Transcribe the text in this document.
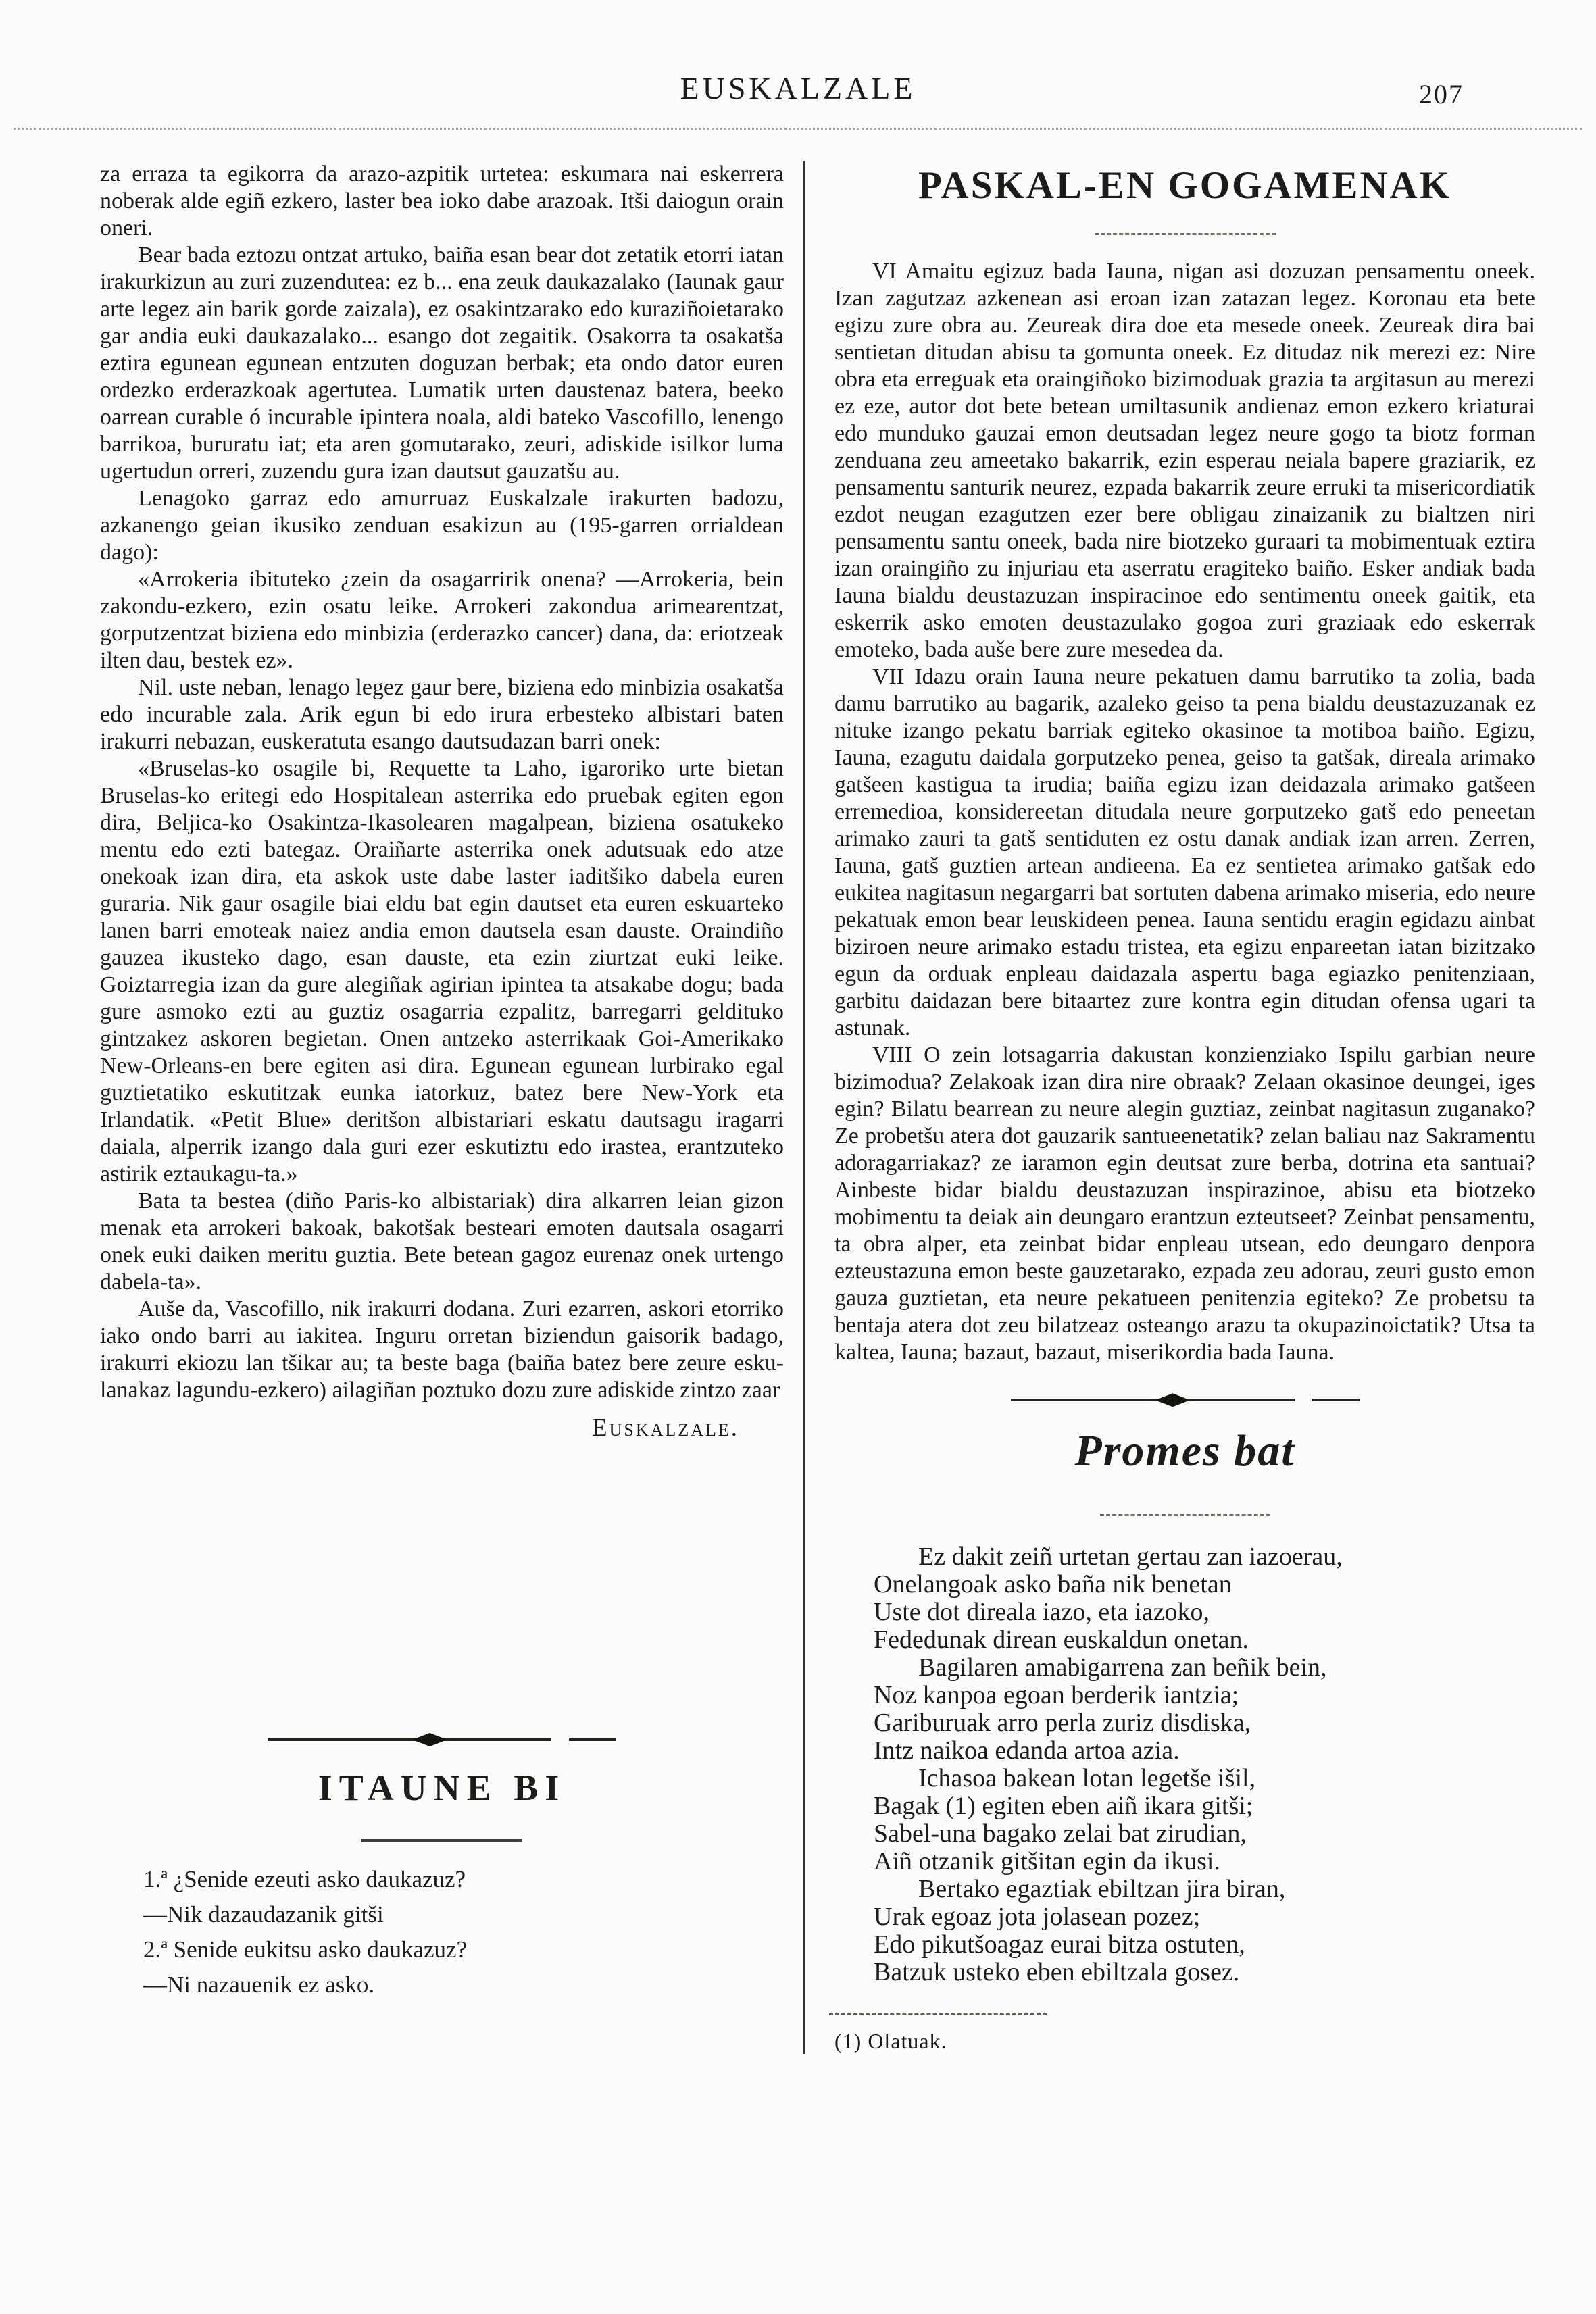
EUSKALZALE	207

za erraza ta egikorra da arazo-azpitik urtetea: eskumara nai eskerrera noberak alde egiñ ezkero, laster bea ioko dabe arazoak. Itši daiogun orain oneri.

Bear bada eztozu ontzat artuko, baiña esan bear dot zetatik etorri iatan irakurkizun au zuri zuzendutea: ez b... ena zeuk daukazalako (Iaunak gaur arte legez ain barik gorde zaizala), ez osakintzarako edo kuraziñoietarako gar andia euki daukazalako... esango dot zegaitik. Osakorra ta osakatša eztira egunean egunean entzuten doguzan berbak; eta ondo dator euren ordezko erderazkoak agertutea. Lumatik urten daustenaz batera, beeko oarrean curable ó incurable ipintera noala, aldi bateko Vascofillo, lenengo barrikoa, bururatu iat; eta aren gomutarako, zeuri, adiskide isilkor luma ugertudun orreri, zuzendu gura izan dautsut gauzatšu au.

Lenagoko garraz edo amurruaz Euskalzale irakurten badozu, azkanengo geian ikusiko zenduan esakizun au (195-garren orrialdean dago):

«Arrokeria ibituteko ¿zein da osagarririk onena? —Arrokeria, bein zakondu-ezkero, ezin osatu leike. Arrokeri zakondua arimearentzat, gorputzentzat biziena edo minbizia (erderazko cancer) dana, da: eriotzeak ilten dau, bestek ez».

Nil. uste neban, lenago legez gaur bere, biziena edo minbizia osakatša edo incurable zala. Arik egun bi edo irura erbesteko albistari baten irakurri nebazan, euskeratuta esango dautsudazan barri onek:

«Bruselas-ko osagile bi, Requette ta Laho, igaroriko urte bietan Bruselas-ko eritegi edo Hospitalean asterrika edo pruebak egiten egon dira, Beljica-ko Osakintza-Ikasolearen magalpean, biziena osatukeko mentu edo ezti bategaz. Oraiñarte asterrika onek adutsuak edo atze onekoak izan dira, eta askok uste dabe laster iaditšiko dabela euren guraria. Nik gaur osagile biai eldu bat egin dautset eta euren eskuarteko lanen barri emoteak naiez andia emon dautsela esan dauste. Oraindiño gauzea ikusteko dago, esan dauste, eta ezin ziurtzat euki leike. Goiztarregia izan da gure alegiñak agirian ipintea ta atsakabe dogu; bada gure asmoko ezti au guztiz osagarria ezpalitz, barregarri geldituko gintzakez askoren begietan. Onen antzeko asterrikaak Goi-Amerikako New-Orleans-en bere egiten asi dira. Egunean egunean lurbirako egal guztietatiko eskutitzak eunka iatorkuz, batez bere New-York eta Irlandatik. «Petit Blue» deritšon albistariari eskatu dautsagu iragarri daiala, alperrik izango dala guri ezer eskutiztu edo irastea, erantzuteko astirik eztaukagu-ta.»

Bata ta bestea (diño Paris-ko albistariak) dira alkarren leian gizon menak eta arrokeri bakoak, bakotšak besteari emoten dautsala osagarri onek euki daiken meritu guztia. Bete betean gagoz eurenaz onek urtengo dabela-ta».

Auše da, Vascofillo, nik irakurri dodana. Zuri ezarren, askori etorriko iako ondo barri au iakitea. Inguru orretan biziendun gaisorik badago, irakurri ekiozu lan tšikar au; ta beste baga (baiña batez bere zeure esku-lanakaz lagundu-ezkero) ailagiñan poztuko dozu zure adiskide zintzo zaar

Euskalzale.
ITAUNE BI
1.ª ¿Senide ezeuti asko daukazuz?
—Nik dazaudazanik gitši
2.ª Senide eukitsu asko daukazuz?
—Ni nazauenik ez asko.
PASKAL-EN GOGAMENAK

VI Amaitu egizuz bada Iauna, nigan asi dozuzan pensamentu oneek. Izan zagutzaz azkenean asi eroan izan zatazan legez. Koronau eta bete egizu zure obra au. Zeureak dira doe eta mesede oneek. Zeureak dira bai sentietan ditudan abisu ta gomunta oneek. Ez ditudaz nik merezi ez: Nire obra eta erreguak eta oraingiñoko bizimoduak grazia ta argitasun au merezi ez eze, autor dot bete betean umiltasunik andienaz emon ezkero kriaturai edo munduko gauzai emon deutsadan legez neure gogo ta biotz forman zenduana zeu ameetako bakarrik, ezin esperau neiala bapere graziarik, ez pensamentu santurik neurez, ezpada bakarrik zeure erruki ta misericordiatik ezdot neugan ezagutzen ezer bere obligau zinaizanik zu bialtzen niri pensamentu santu oneek, bada nire biotzeko guraari ta mobimentuak eztira izan oraingiño zu injuriau eta aserratu eragiteko baiño. Esker andiak bada Iauna bialdu deustazuzan inspiracinoe edo sentimentu oneek gaitik, eta eskerrik asko emoten deustazulako gogoa zuri graziaak edo eskerrak emoteko, bada auše bere zure mesedea da.

VII Idazu orain Iauna neure pekatuen damu barrutiko ta zolia, bada damu barrutiko au bagarik, azaleko geiso ta pena bialdu deustazuzanak ez nituke izango pekatu barriak egiteko okasinoe ta motiboa baiño. Egizu, Iauna, ezagutu daidala gorputzeko penea, geiso ta gatšak, direala arimako gatšeen kastigua ta irudia; baiña egizu izan deidazala arimako gatšeen erremedioa, konsidereetan ditudala neure gorputzeko gatš edo peneetan arimako zauri ta gatš sentiduten ez ostu danak andiak izan arren. Zerren, Iauna, gatš guztien artean andieena. Ea ez sentietea arimako gatšak edo eukitea nagitasun negargarri bat sortuten dabena arimako miseria, edo neure pekatuak emon bear leuskideen penea. Iauna sentidu eragin egidazu ainbat biziroen neure arimako estadu tristea, eta egizu enpareetan iatan bizitzako egun da orduak enpleau daidazala aspertu baga egiazko penitenziaan, garbitu daidazan bere bitaartez zure kontra egin ditudan ofensa ugari ta astunak.

VIII O zein lotsagarria dakustan konzienziako Ispilu garbian neure bizimodua? Zelakoak izan dira nire obraak? Zelaan okasinoe deungei, iges egin? Bilatu bearrean zu neure alegin guztiaz, zeinbat nagitasun zuganako? Ze probetšu atera dot gauzarik santueenetatik? zelan baliau naz Sakramentu adoragarriakaz? ze iaramon egin deutsat zure berba, dotrina eta santuai? Ainbeste bidar bialdu deustazuzan inspirazinoe, abisu eta biotzeko mobimentu ta deiak ain deungaro erantzun ezteutseet? Zeinbat pensamentu, ta obra alper, eta zeinbat bidar enpleau utsean, edo deungaro denpora ezteustazuna emon beste gauzetarako, ezpada zeu adorau, zeuri gusto emon gauza guztietan, eta neure pekatueen penitenzia egiteko? Ze probetsu ta bentaja atera dot zeu bilatzeaz osteango arazu ta okupazinoictatik? Utsa ta kaltea, Iauna; bazaut, bazaut, miserikordia bada Iauna.

Promes bat
Ez dakit zeiñ urtetan gertau zan iazoerau,
Onelangoak asko baña nik benetan
Uste dot direala iazo, eta iazoko,
Fededunak direan euskaldun onetan.
Bagilaren amabigarrena zan beñik bein,
Noz kanpoa egoan berderik iantzia;
Gariburuak arro perla zuriz disdiska,
Intz naikoa edanda artoa azia.
Ichasoa bakean lotan legetše išil,
Bagak (1) egiten eben aiñ ikara gitši;
Sabel-una bagako zelai bat zirudian,
Aiñ otzanik gitšitan egin da ikusi.
Bertako egaztiak ebiltzan jira biran,
Urak egoaz jota jolasean pozez;
Edo pikutšoagaz eurai bitza ostuten,
Batzuk usteko eben ebiltzala gosez.
(1) Olatuak.
